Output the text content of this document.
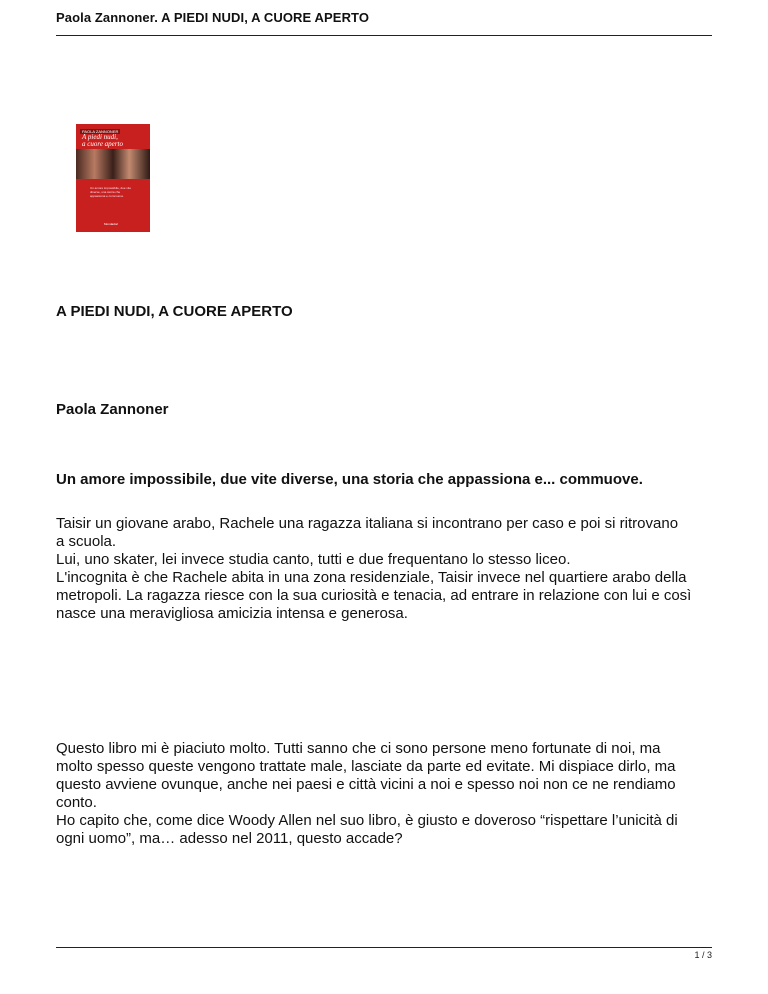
Paola Zannoner. A PIEDI NUDI, A CUORE APERTO
PAOLA ZANNONER
A piedi nudi,
a cuore aperto
Un amore impossibile, due vite diverse, una storia che appassiona e commuove
Mondadori
A PIEDI NUDI, A CUORE APERTO
Paola Zannoner
Un amore impossibile, due vite diverse, una storia che appassiona e... commuove.
Taisir un giovane arabo, Rachele una ragazza italiana si incontrano per caso e poi si ritrovano
a scuola.
Lui, uno skater, lei invece studia canto, tutti e due frequentano lo stesso liceo.
L'incognita è che Rachele abita in una zona residenziale, Taisir invece nel quartiere arabo della
metropoli. La ragazza riesce con la sua curiosità e tenacia, ad entrare in relazione con lui e così
nasce una meravigliosa amicizia intensa e generosa.
Questo libro mi è piaciuto molto. Tutti sanno che ci sono persone meno fortunate di noi, ma
molto spesso queste vengono trattate male, lasciate da parte ed evitate. Mi dispiace dirlo, ma
questo avviene ovunque, anche nei paesi e città vicini a noi e spesso noi non ce ne rendiamo
conto.
Ho capito che, come dice Woody Allen nel suo libro, è giusto e doveroso “rispettare l’unicità di
ogni uomo”, ma… adesso nel 2011, questo accade?
1 / 3
